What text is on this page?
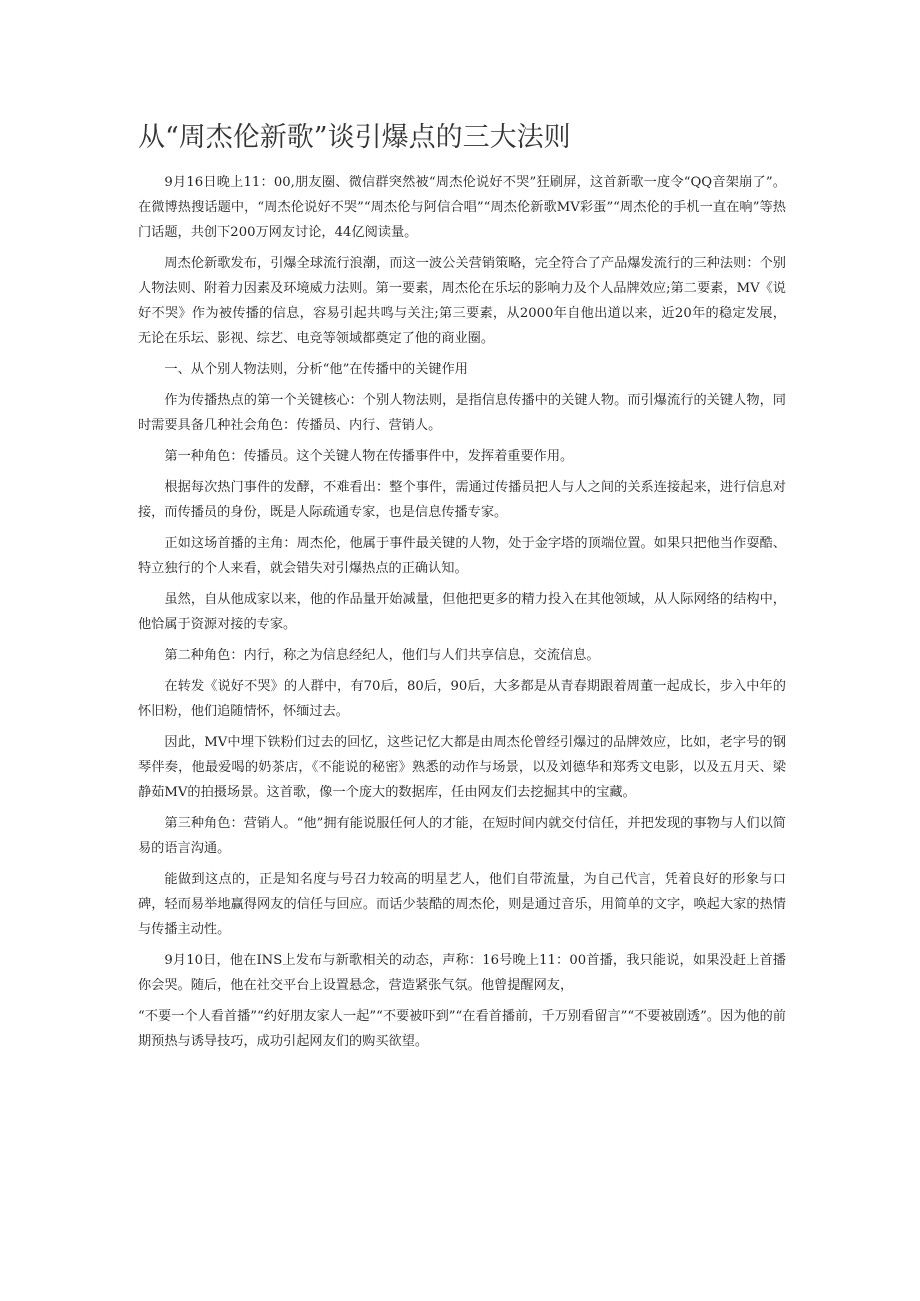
从“周杰伦新歌”谈引爆点的三大法则

9月16日晚上11：00,朋友圈、微信群突然被“周杰伦说好不哭”狂刷屏，这首新歌一度令“QQ音架崩了”。在微博热搜话题中，“周杰伦说好不哭”“周杰伦与阿信合唱”“周杰伦新歌MV彩蛋”“周杰伦的手机一直在响”等热门话题，共创下200万网友讨论，44亿阅读量。

周杰伦新歌发布，引爆全球流行浪潮，而这一波公关营销策略，完全符合了产品爆发流行的三种法则：个别人物法则、附着力因素及环境威力法则。第一要素，周杰伦在乐坛的影响力及个人品牌效应;第二要素，MV《说好不哭》作为被传播的信息，容易引起共鸣与关注;第三要素，从2000年自他出道以来，近20年的稳定发展，无论在乐坛、影视、综艺、电竞等领域都奠定了他的商业圈。

一、从个别人物法则，分析“他”在传播中的关键作用

作为传播热点的第一个关键核心：个别人物法则，是指信息传播中的关键人物。而引爆流行的关键人物，同时需要具备几种社会角色：传播员、内行、营销人。

第一种角色：传播员。这个关键人物在传播事件中，发挥着重要作用。

根据每次热门事件的发酵，不难看出：整个事件，需通过传播员把人与人之间的关系连接起来，进行信息对接，而传播员的身份，既是人际疏通专家，也是信息传播专家。

正如这场首播的主角：周杰伦，他属于事件最关键的人物，处于金字塔的顶端位置。如果只把他当作耍酷、特立独行的个人来看，就会错失对引爆热点的正确认知。

虽然，自从他成家以来，他的作品量开始减量，但他把更多的精力投入在其他领域，从人际网络的结构中，他恰属于资源对接的专家。

第二种角色：内行，称之为信息经纪人，他们与人们共享信息，交流信息。

在转发《说好不哭》的人群中，有70后，80后，90后，大多都是从青春期跟着周董一起成长，步入中年的怀旧粉，他们追随情怀，怀缅过去。

因此，MV中埋下铁粉们过去的回忆，这些记忆大都是由周杰伦曾经引爆过的品牌效应，比如，老字号的钢琴伴奏，他最爱喝的奶茶店，《不能说的秘密》熟悉的动作与场景，以及刘德华和郑秀文电影，以及五月天、梁静茹MV的拍摄场景。这首歌，像一个庞大的数据库，任由网友们去挖掘其中的宝藏。

第三种角色：营销人。“他”拥有能说服任何人的才能，在短时间内就交付信任，并把发现的事物与人们以简易的语言沟通。

能做到这点的，正是知名度与号召力较高的明星艺人，他们自带流量，为自己代言，凭着良好的形象与口碑，轻而易举地赢得网友的信任与回应。而话少装酷的周杰伦，则是通过音乐，用简单的文字，唤起大家的热情与传播主动性。

9月10日，他在INS上发布与新歌相关的动态，声称：16号晚上11：00首播，我只能说，如果没赶上首播你会哭。随后，他在社交平台上设置悬念，营造紧张气氛。他曾提醒网友，

“不要一个人看首播”“约好朋友家人一起”“不要被吓到”“在看首播前，千万别看留言”“不要被剧透”。因为他的前期预热与诱导技巧，成功引起网友们的购买欲望。
